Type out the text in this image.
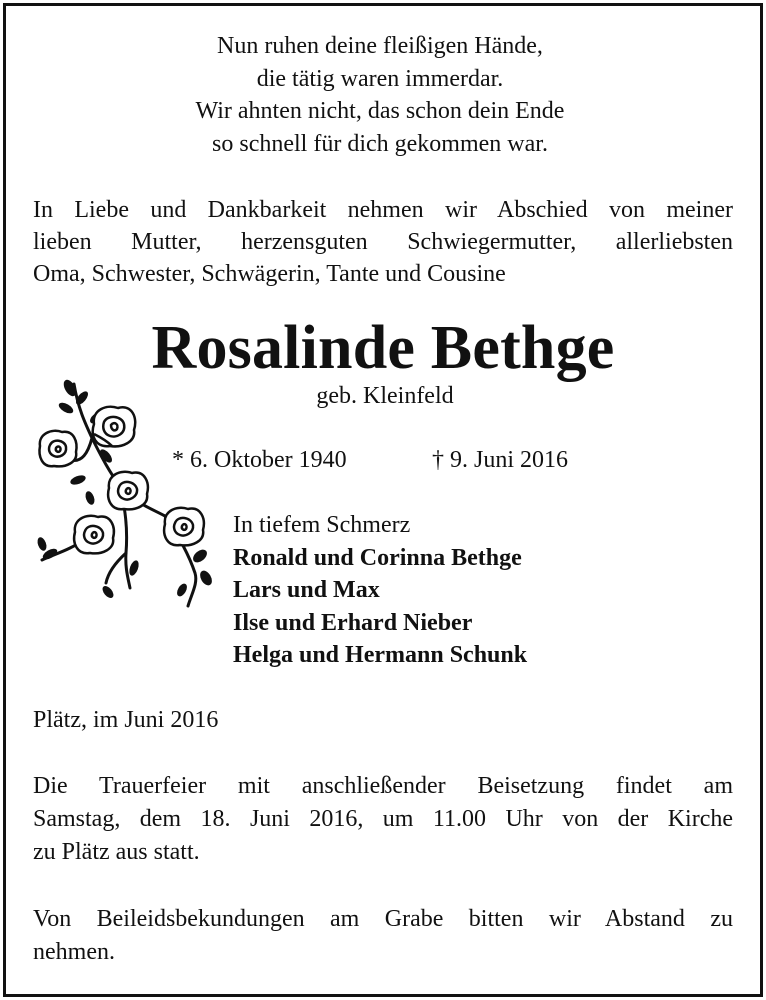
Nun ruhen deine fleißigen Hände,
die tätig waren immerdar.
Wir ahnten nicht, das schon dein Ende
so schnell für dich gekommen war.
In Liebe und Dankbarkeit nehmen wir Abschied von meiner
lieben Mutter, herzensguten Schwiegermutter, allerliebsten
Oma, Schwester, Schwägerin, Tante und Cousine
Rosalinde Bethge
geb. Kleinfeld
* 6. Oktober 1940	† 9. Juni 2016
In tiefem Schmerz
Ronald und Corinna Bethge
Lars und Max
Ilse und Erhard Nieber
Helga und Hermann Schunk
Plätz, im Juni 2016
Die Trauerfeier mit anschließender Beisetzung findet am
Samstag, dem 18. Juni 2016, um 11.00 Uhr von der Kirche
zu Plätz aus statt.
Von Beileidsbekundungen am Grabe bitten wir Abstand zu
nehmen.
